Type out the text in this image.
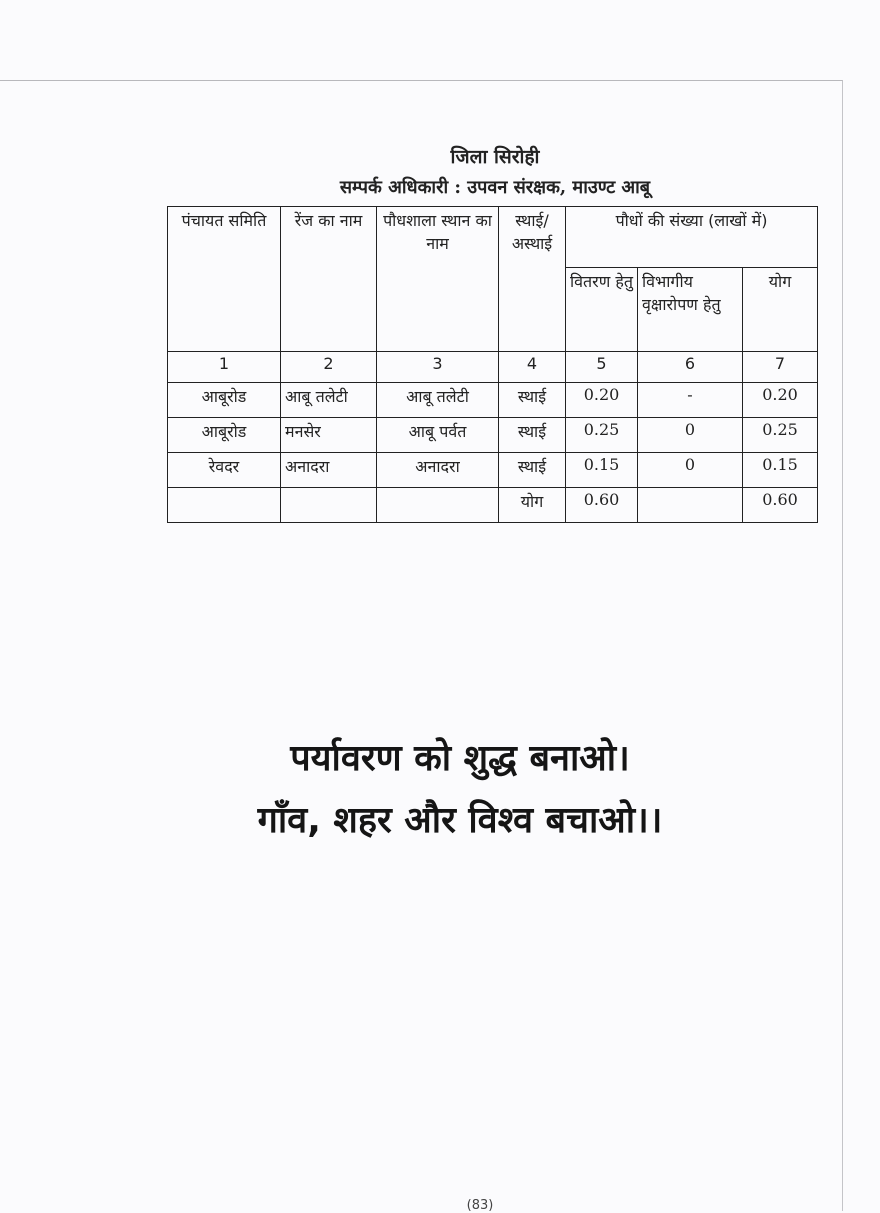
जिला सिरोही
सम्पर्क अधिकारी : उपवन संरक्षक, माउण्ट आबू
पंचायत समिति	रेंज का नाम	पौधशाला स्थान का नाम	स्थाई/ अस्थाई	पौधों की संख्या (लाखों में)		
				वितरण हेतु	विभागीय वृक्षारोपण हेतु	योग
1	2	3	4	5	6	7
आबूरोड	आबू तलेटी	आबू तलेटी	स्थाई	0.20	-	0.20
आबूरोड	मनसेर	आबू पर्वत	स्थाई	0.25	0	0.25
रेवदर	अनादरा	अनादरा	स्थाई	0.15	0	0.15
			योग	0.60		0.60
पर्यावरण को शुद्ध बनाओ।
गाँव, शहर और विश्व बचाओ।।
(83)
